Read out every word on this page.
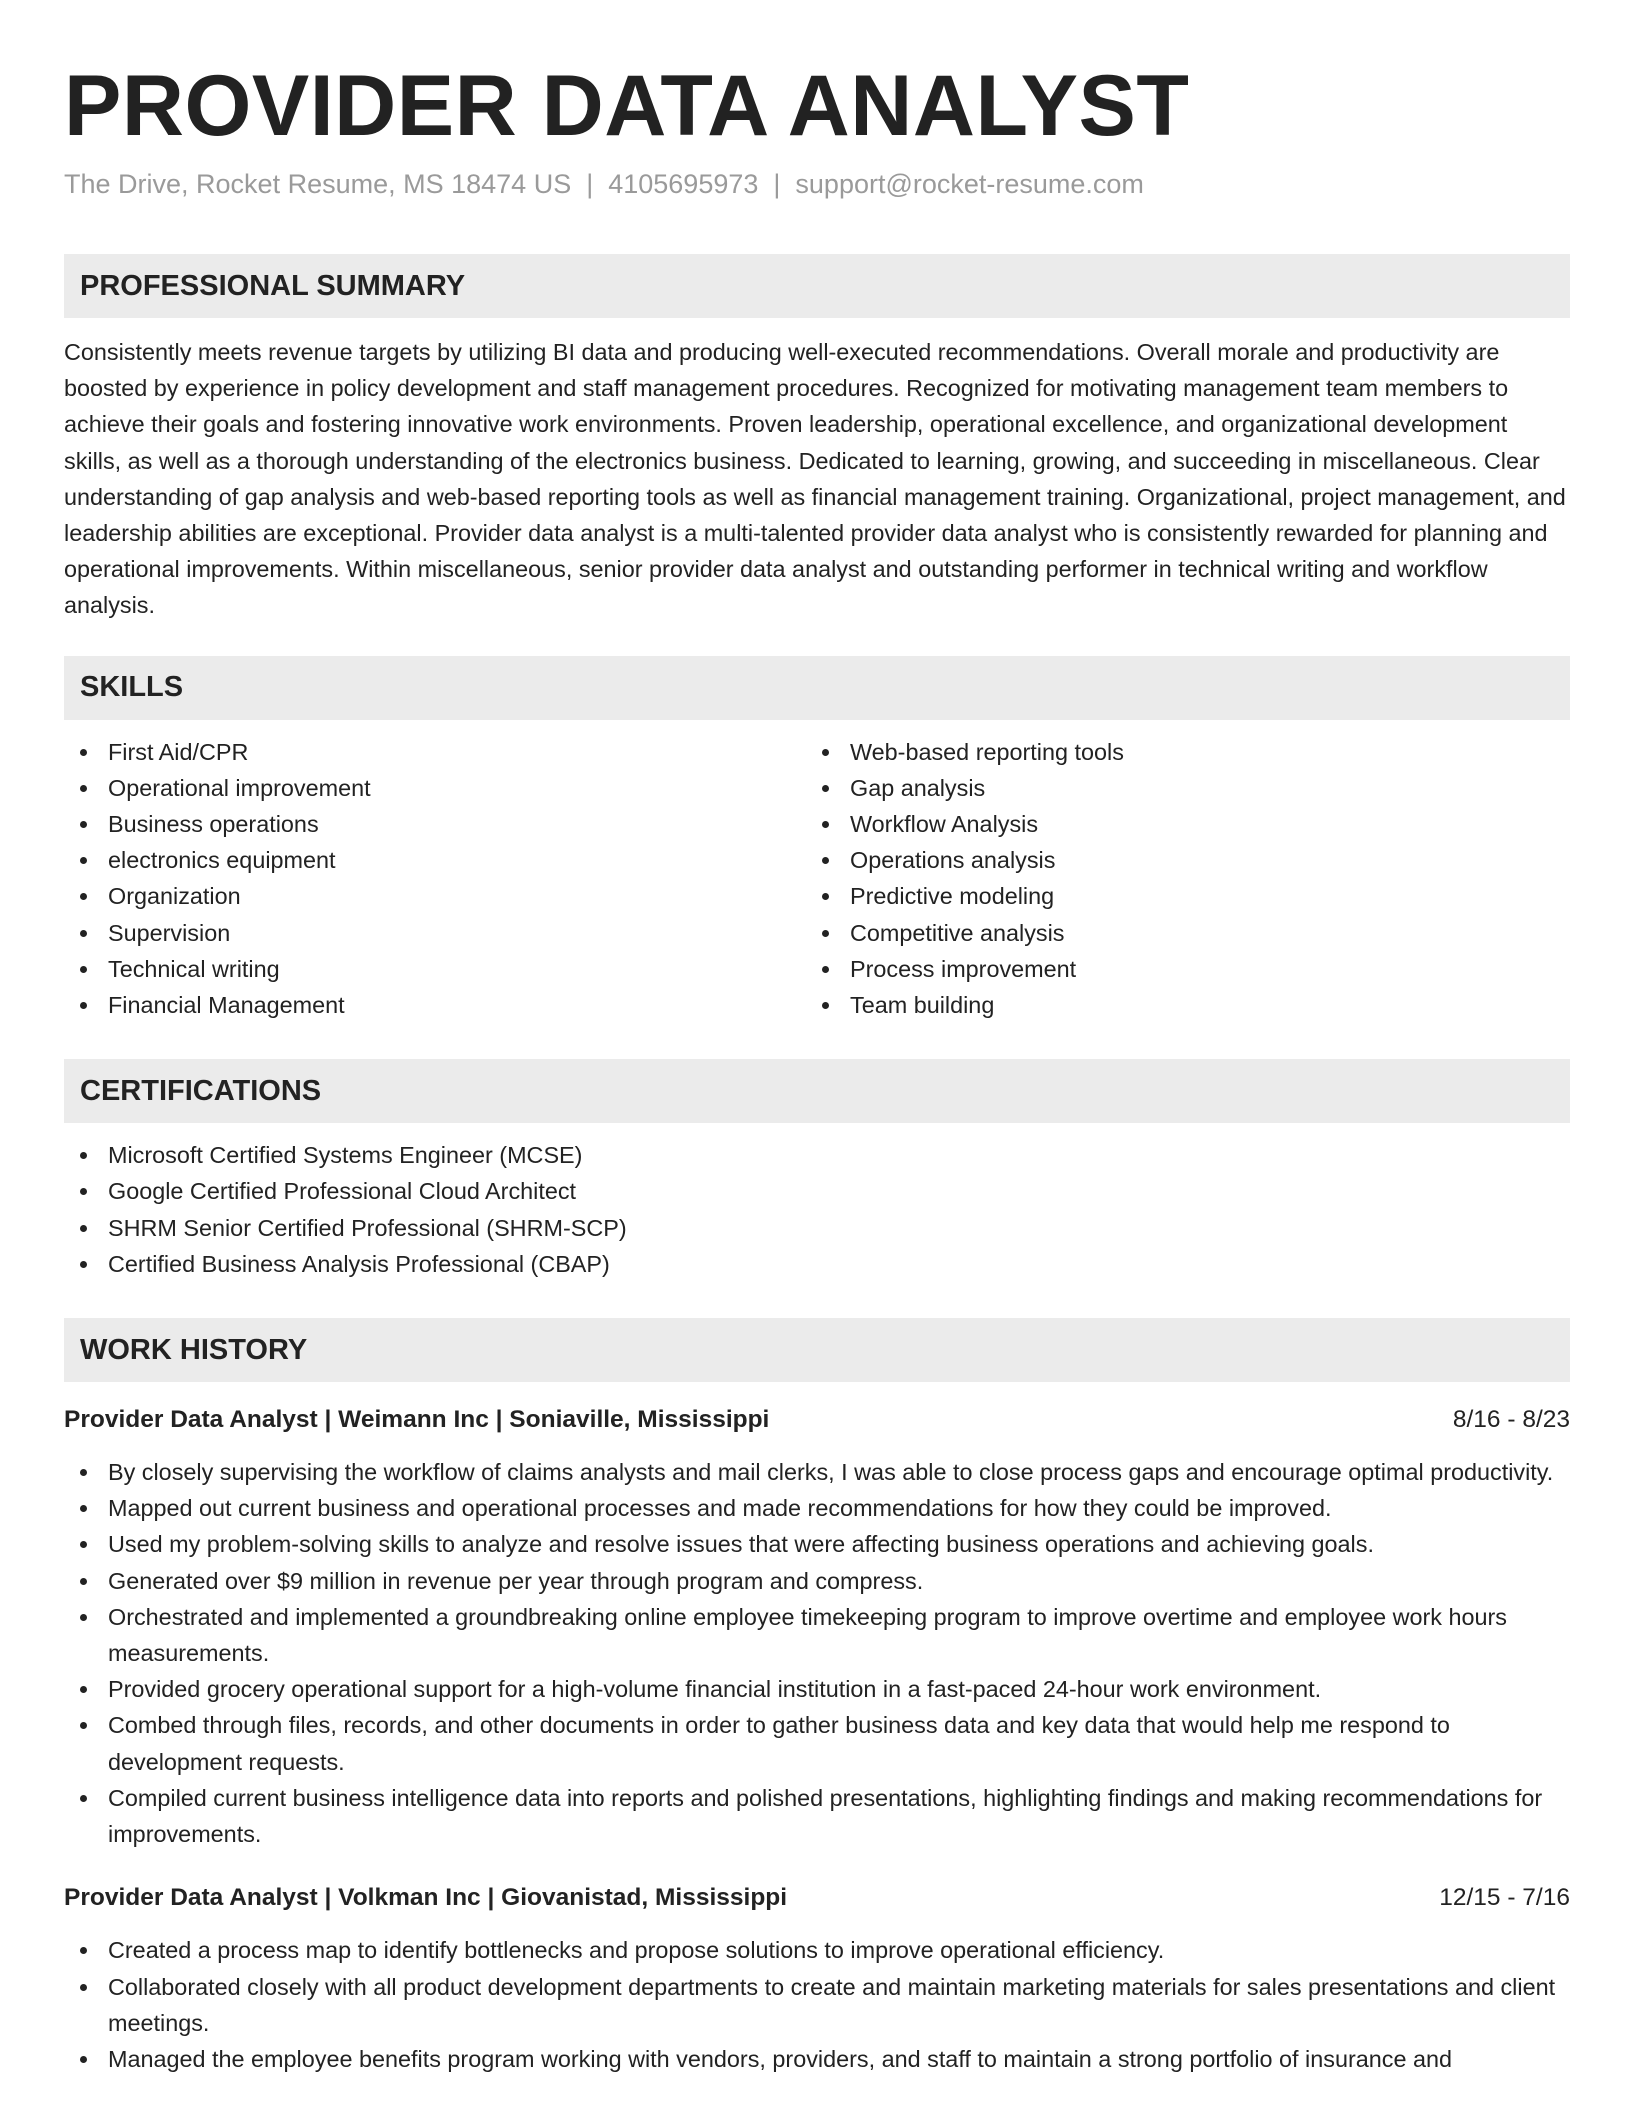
PROVIDER DATA ANALYST
The Drive, Rocket Resume, MS 18474 US | 4105695973 | support@rocket-resume.com
PROFESSIONAL SUMMARY

Consistently meets revenue targets by utilizing BI data and producing well-executed recommendations. Overall morale and productivity are boosted by experience in policy development and staff management procedures. Recognized for motivating management team members to achieve their goals and fostering innovative work environments. Proven leadership, operational excellence, and organizational development skills, as well as a thorough understanding of the electronics business. Dedicated to learning, growing, and succeeding in miscellaneous. Clear understanding of gap analysis and web-based reporting tools as well as financial management training. Organizational, project management, and leadership abilities are exceptional. Provider data analyst is a multi-talented provider data analyst who is consistently rewarded for planning and operational improvements. Within miscellaneous, senior provider data analyst and outstanding performer in technical writing and workflow analysis.

SKILLS
First Aid/CPR
Operational improvement
Business operations
electronics equipment
Organization
Supervision
Technical writing
Financial Management
Web-based reporting tools
Gap analysis
Workflow Analysis
Operations analysis
Predictive modeling
Competitive analysis
Process improvement
Team building
CERTIFICATIONS
Microsoft Certified Systems Engineer (MCSE)
Google Certified Professional Cloud Architect
SHRM Senior Certified Professional (SHRM-SCP)
Certified Business Analysis Professional (CBAP)
WORK HISTORY
Provider Data Analyst | Weimann Inc | Soniaville, Mississippi	8/16 - 8/23
By closely supervising the workflow of claims analysts and mail clerks, I was able to close process gaps and encourage optimal productivity.
Mapped out current business and operational processes and made recommendations for how they could be improved.
Used my problem-solving skills to analyze and resolve issues that were affecting business operations and achieving goals.
Generated over $9 million in revenue per year through program and compress.
Orchestrated and implemented a groundbreaking online employee timekeeping program to improve overtime and employee work hours measurements.
Provided grocery operational support for a high-volume financial institution in a fast-paced 24-hour work environment.
Combed through files, records, and other documents in order to gather business data and key data that would help me respond to development requests.
Compiled current business intelligence data into reports and polished presentations, highlighting findings and making recommendations for improvements.
Provider Data Analyst | Volkman Inc | Giovanistad, Mississippi	12/15 - 7/16
Created a process map to identify bottlenecks and propose solutions to improve operational efficiency.
Collaborated closely with all product development departments to create and maintain marketing materials for sales presentations and client meetings.
Managed the employee benefits program working with vendors, providers, and staff to maintain a strong portfolio of insurance and
